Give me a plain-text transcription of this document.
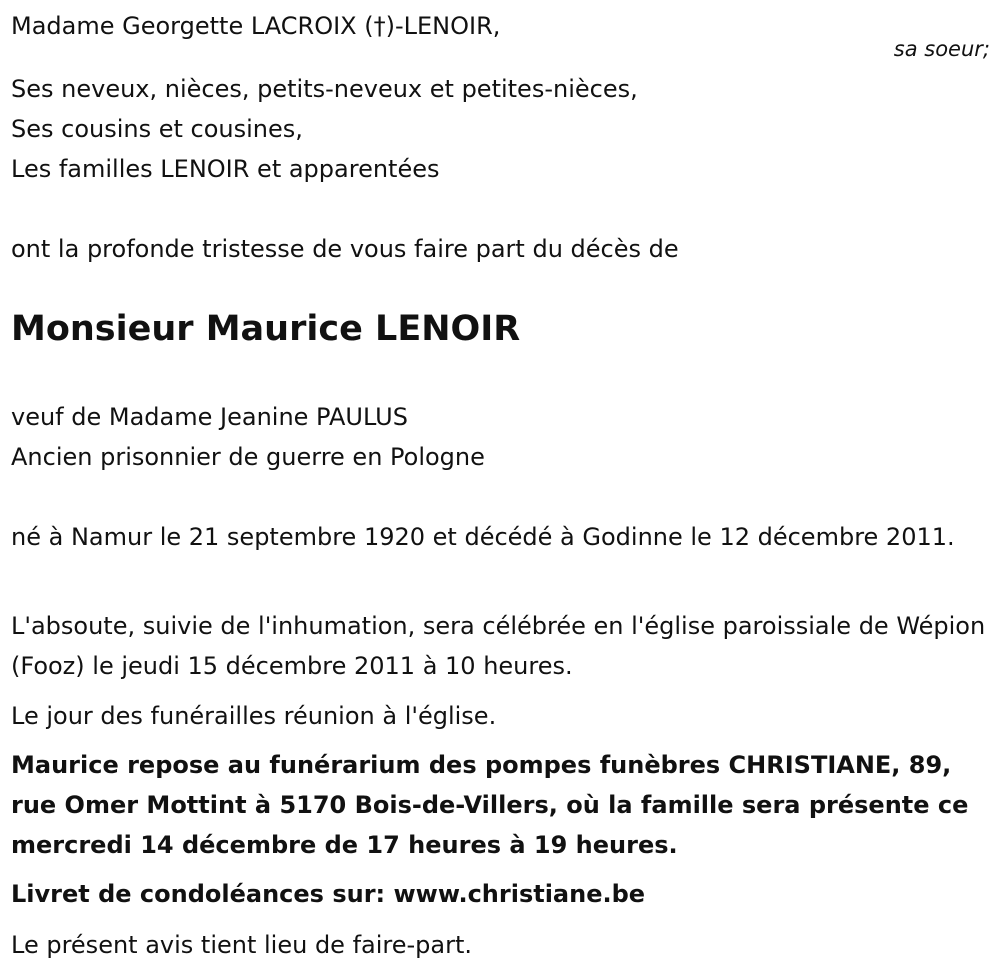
Madame Georgette LACROIX (†)-LENOIR,

Ses neveux, nièces, petits-neveux et petites-nièces,

Ses cousins et cousines,

Les familles LENOIR et apparentées

ont la profonde tristesse de vous faire part du décès de

Monsieur Maurice LENOIR

veuf de Madame Jeanine PAULUS

Ancien prisonnier de guerre en Pologne

né à Namur le 21 septembre 1920 et décédé à Godinne le 12 décembre 2011.

L'absoute, suivie de l'inhumation, sera célébrée en l'église paroissiale de Wépion (Fooz) le jeudi 15 décembre 2011 à 10 heures.

Le jour des funérailles réunion à l'église.

Maurice repose au funérarium des pompes funèbres CHRISTIANE, 89, rue Omer Mottint à 5170 Bois-de-Villers, où la famille sera présente ce mercredi 14 décembre de 17 heures à 19 heures.

Livret de condoléances sur: www.christiane.be

Le présent avis tient lieu de faire-part.

sa soeur;
